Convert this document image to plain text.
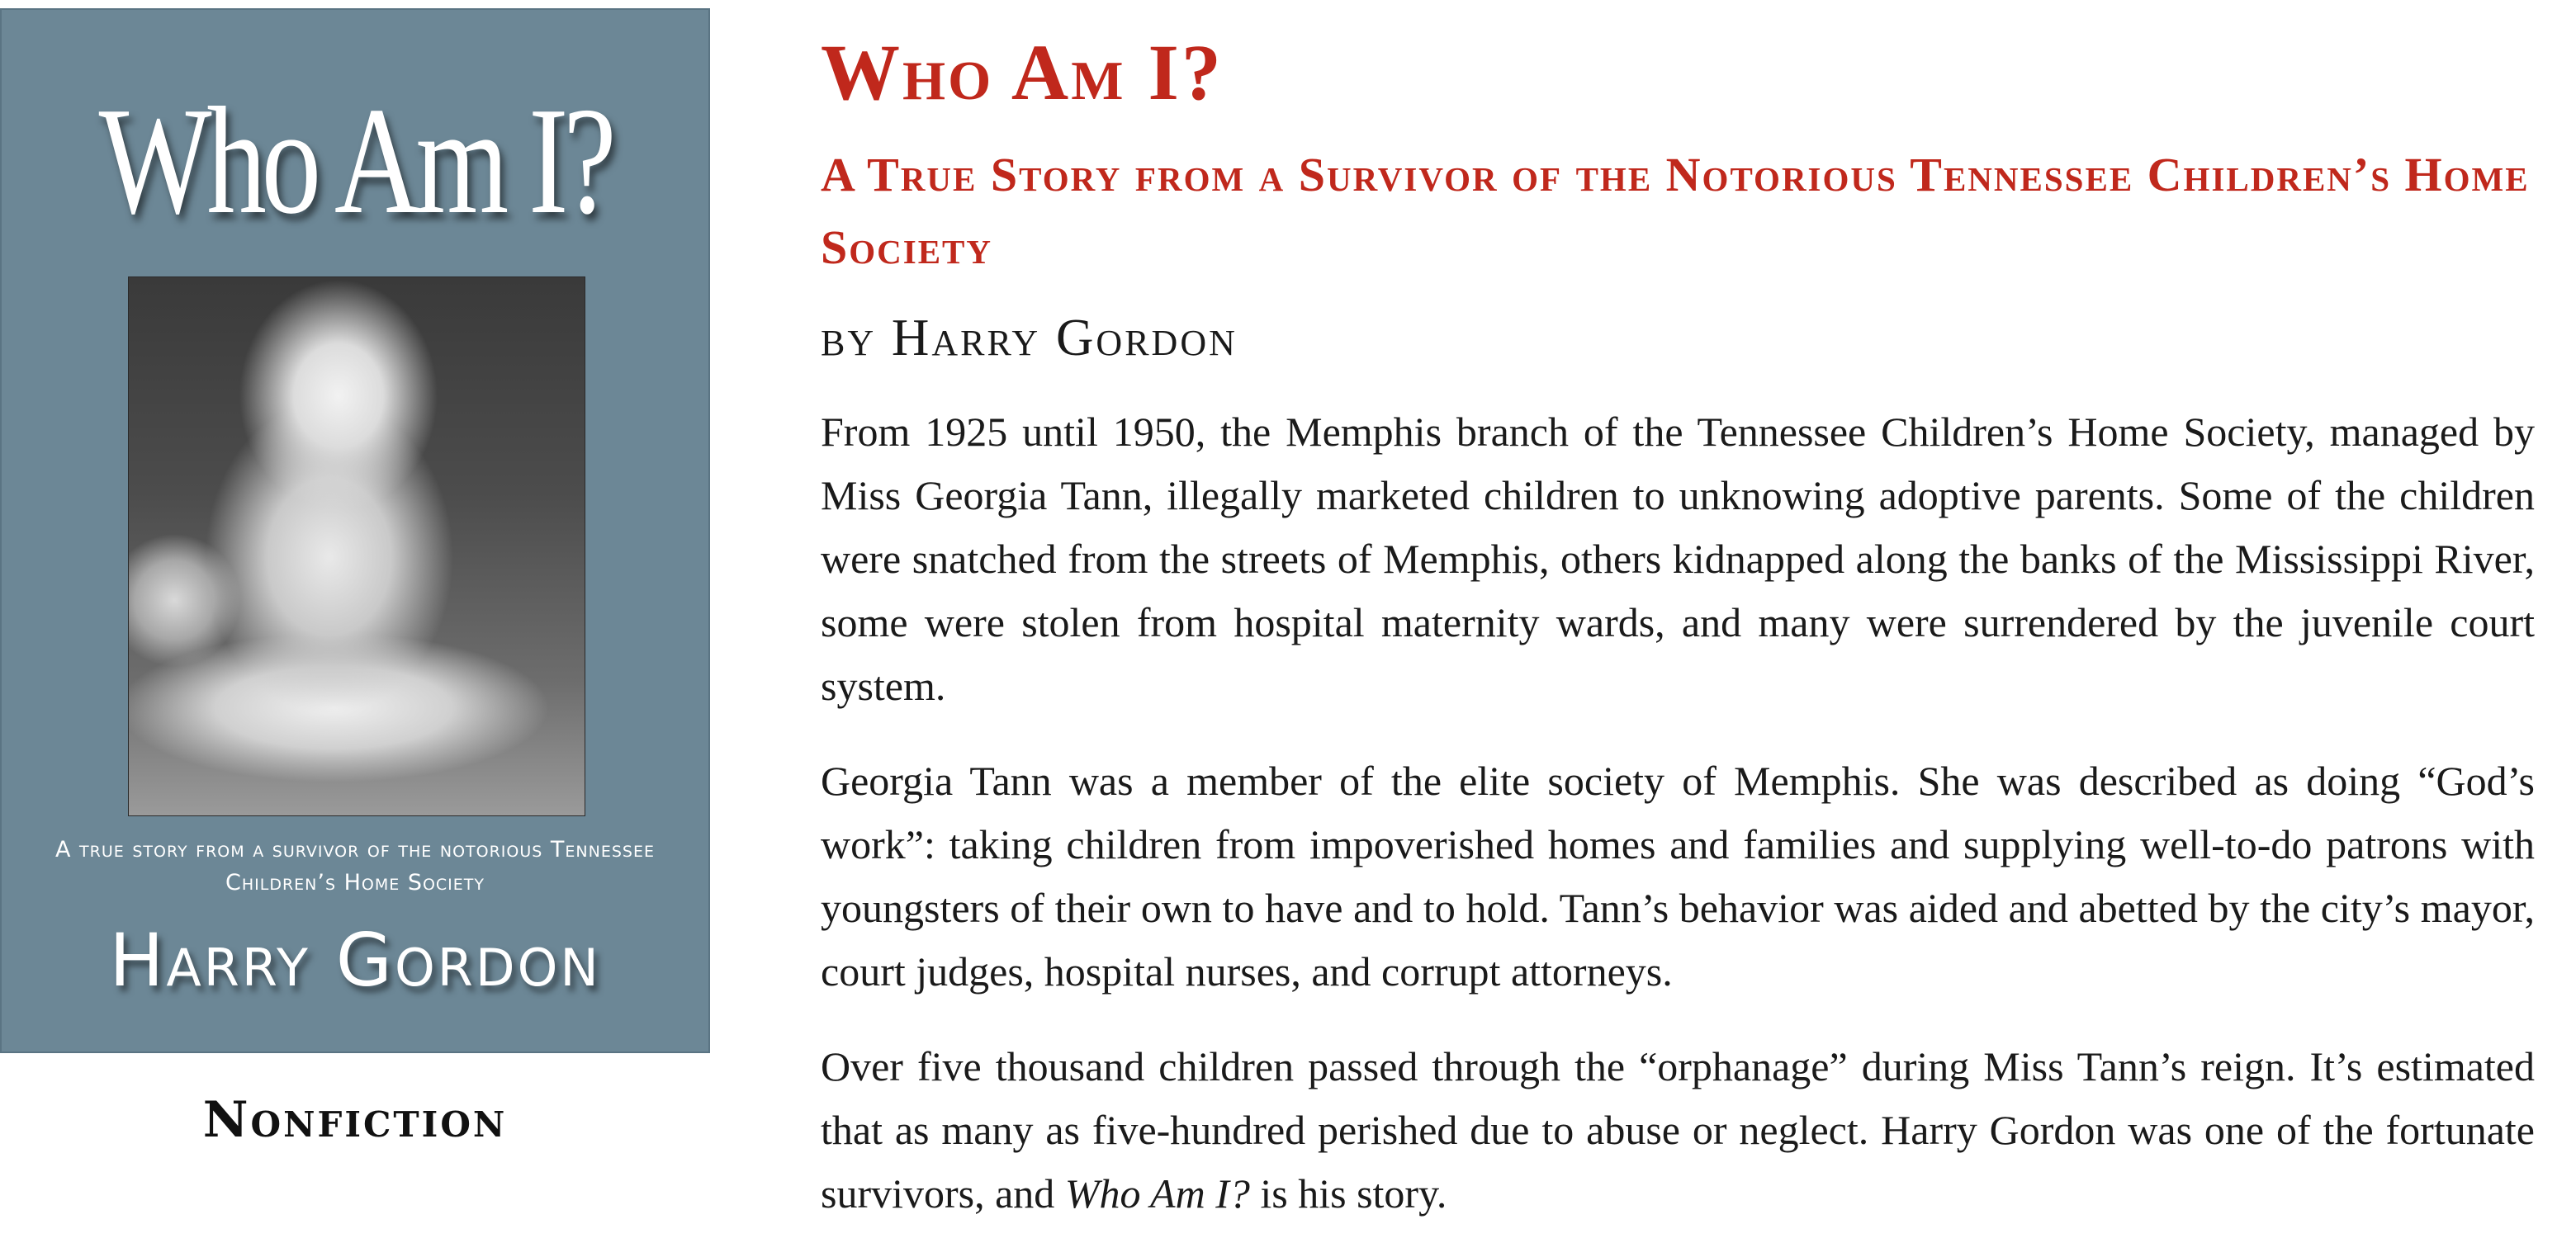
Who Am I?
A true story from a survivor of the notorious Tennessee Children’s Home Society
Harry Gordon
Nonfiction
Who Am I?
A True Story from a Survivor of the Notorious Tennessee Children’s Home Society
by Harry Gordon

From 1925 until 1950, the Memphis branch of the Tennessee Children’s Home Society, managed by Miss Georgia Tann, illegally marketed children to unknowing adoptive parents. Some of the children were snatched from the streets of Memphis, others kidnapped along the banks of the Mississippi River, some were stolen from hospital maternity wards, and many were surrendered by the juvenile court system.

Georgia Tann was a member of the elite society of Memphis. She was described as doing “God’s work”: taking children from impoverished homes and families and supplying well-to-do patrons with youngsters of their own to have and to hold. Tann’s behavior was aided and abetted by the city’s mayor, court judges, hospital nurses, and corrupt attorneys.

Over five thousand children passed through the “orphanage” during Miss Tann’s reign. It’s estimated that as many as five-hundred perished due to abuse or neglect. Harry Gordon was one of the fortunate survivors, and Who Am I? is his story.
